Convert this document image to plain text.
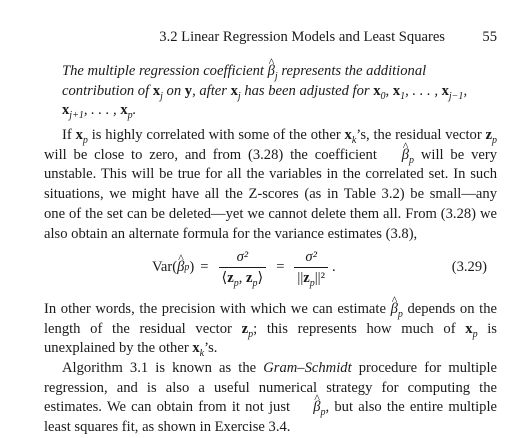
3.2 Linear Regression Models and Least Squares	55
The multiple regression coefficient ^ $\beta_j$ represents the additional contribution of $x_j$ on y, after $x_j$ has been adjusted for $x_0$, $x_1$, . . . , $x_{j-1}$,
$x_{j+1}$, . . . , $x_p$.
If $x_p$ is highly correlated with some of the other $x_k’s$, the residual vector $z_p$ will be close to zero, and from (3.28) the coefficient ^ $\beta_p$ will be very unstable. This will be true for all the variables in the correlated set. In such situations, we might have all the Z-scores (as in Table 3.2) be small—any one of the set can be deleted—yet we cannot delete them all. From (3.28) we also obtain an alternate formula for the variance estimates (3.8),
Var( ^ β p ) = $\frac{\text{σ²}}{⟨z_p, z_p⟩} = \frac{\text{σ²}}{||z_p||^2}$ .	(3.29)
In other words, the precision with which we can estimate ^ $\beta_p$ depends on the length of the residual vector $z_p$; this represents how much of $x_p$ is unexplained by the other $x_k’s$.
Algorithm 3.1 is known as the Gram–Schmidt procedure for multiple regression, and is also a useful numerical strategy for computing the estimates. We can obtain from it not just ^ $\beta_p$, but also the entire multiple least squares fit, as shown in Exercise 3.4.
